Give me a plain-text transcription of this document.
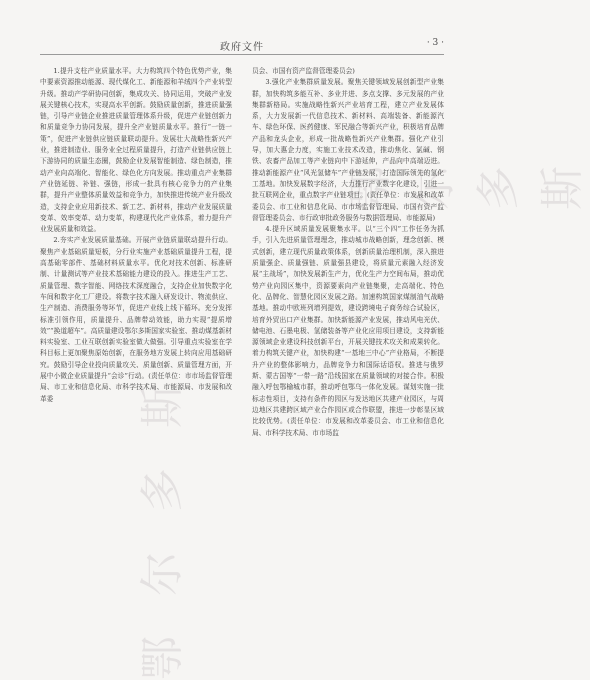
鄂尔多斯
鄂尔多斯
政府文件	· 3 ·

1.提升支柱产业质量水平。大力构筑四个特色优势产业，集中要素资源推动能源、现代煤化工、新能源和羊绒四个产业转型升级。推动产学研协同创新，集成攻关、协同运用，突破产业发展关键核心技术，实现高水平创新。鼓励质量创新，推进质量强链，引导产业链企业推进质量管理体系升级，促进产业链创新力和质量竞争力协同发展，提升全产业链质量水平。推行“一链一策”，促进产业链供应链质量联动提升。发展壮大战略性新兴产业，推进制造业、服务业全过程质量提升，打造产业链供应链上下游协同的质量生态圈，鼓励企业发展智能制造、绿色制造，推动产业向高端化、智能化、绿色化方向发展。推动重点产业集群产业链延链、补链、强链，形成一批具有核心竞争力的产业集群，提升产业整体质量效益和竞争力，加快推进传统产业升级改造，支持企业应用新技术、新工艺、新材料，推动产业发展质量变革、效率变革、动力变革，构建现代化产业体系，着力提升产业发展质量和效益。

2.夯实产业发展质量基础。开展产业链质量联动提升行动。聚焦产业基础质量短板，分行业实施产业基础质量提升工程，提高基础零部件、基础材料质量水平。优化对技术创新、标准研制、计量测试等产业技术基础能力建设的投入。推进生产工艺、质量管理、数字智能、网络技术深度融合，支持企业加快数字化车间和数字化工厂建设。将数字技术融入研发设计、物流供应、生产制造、消费服务等环节，促进产业线上线下循环。充分发挥标准引领作用，质量提升、品牌带动效能，助力实现“提质增效”“换道超车”。高质量建设鄂尔多斯国家实验室、推动煤基新材料实验室、工业互联创新实验室做大做强。引导重点实验室在学科目标上更加聚焦原始创新，在服务地方发展上转向应用基础研究。鼓励引导企业投向质量攻关、质量创新、质量管理方面，开展中小微企业质量提升“会诊”行动。(责任单位：市市场监督管理局、市工业和信息化局、市科学技术局、市能源局、市发展和改革委

员会、市国有资产监督管理委员会)

3.强化产业集群质量发展。聚焦关键领域发展创新型产业集群，加快构筑多能互补、多业并进、多点支撑、多元发展的产业集群新格局。实施战略性新兴产业培育工程，建立产业发展体系，大力发展新一代信息技术、新材料、高端装备、新能源汽车、绿色环保、医药健康、军民融合等新兴产业，积极培育品牌产品和龙头企业，形成一批战略性新兴产业集群。强化产业引导，加大惠企力度，实施工业技术改造，推动焦化、氯碱、钢铁、农畜产品加工等产业链向中下游延伸，产品向中高端迈进。推动新能源产业“风光氢储车”产业链发展，打造国际领先的氢化工基地。加快发展数字经济，大力推行产业数字化建设，引进一批互联网企业，重点数字产业链项目。(责任单位：市发展和改革委员会、市工业和信息化局、市市场监督管理局、市国有资产监督管理委员会、市行政审批政务服务与数据管理局、市能源局)

4.提升区域质量发展聚集水平。以“三个四”工作任务为抓手，引入先进质量管理理念，推动城市战略创新，理念创新、模式创新，建立现代质量政策体系，创新质量治理机制，深入推进质量强企、质量强链、质量强县建设，将质量元素融入经济发展“主战场”，加快发展新生产力，优化生产力空间布局，推动优势产业向园区集中，资源要素向产业链集聚，走高端化、特色化、品牌化、智慧化园区发展之路。加速构筑国家煤制油气战略基地。推动中欧班列增列提效，建设跨境电子商务综合试验区，培育外贸出口产业集群。加快新能源产业发展，推动风电光伏、储电池、石墨电极、氢储装备等产业化应用项目建设，支持新能源领域企业建设科技创新平台，开展关键技术攻关和成果转化。着力构筑关键产业，加快构建“一基地三中心”产业格局，不断提升产业的整体影响力，品牌竞争力和国际话语权。推进与俄罗斯、蒙古国等“一带一路”沿线国家在质量领域的对接合作。积极融入呼包鄂榆城市群，推动呼包鄂乌一体化发展。谋划实施一批标志性项目，支持有条件的园区与发达地区共建产业园区，与周边地区共建跨区域产业合作园区或合作联盟，推进一步彰显区域比较优势。(责任单位：市发展和改革委员会、市工业和信息化局、市科学技术局、市市场监
